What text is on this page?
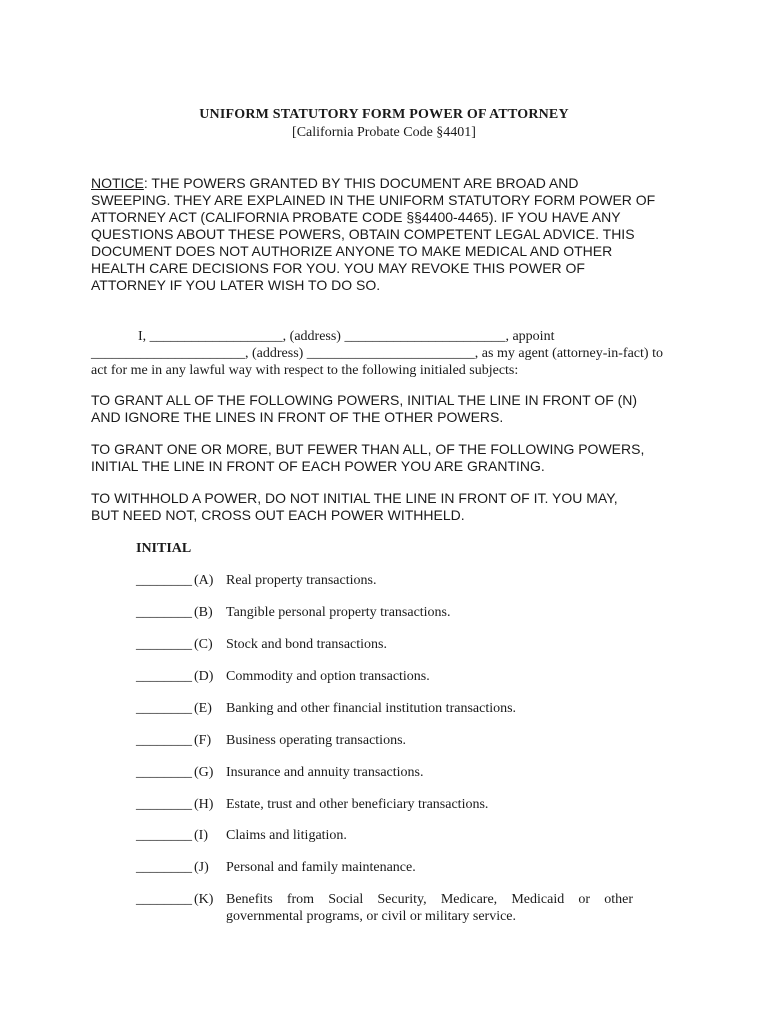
UNIFORM STATUTORY FORM POWER OF ATTORNEY
[California Probate Code §4401]
NOTICE: THE POWERS GRANTED BY THIS DOCUMENT ARE BROAD AND
SWEEPING. THEY ARE EXPLAINED IN THE UNIFORM STATUTORY FORM POWER OF
ATTORNEY ACT (CALIFORNIA PROBATE CODE §§4400-4465). IF YOU HAVE ANY
QUESTIONS ABOUT THESE POWERS, OBTAIN COMPETENT LEGAL ADVICE. THIS
DOCUMENT DOES NOT AUTHORIZE ANYONE TO MAKE MEDICAL AND OTHER
HEALTH CARE DECISIONS FOR YOU. YOU MAY REVOKE THIS POWER OF
ATTORNEY IF YOU LATER WISH TO DO SO.
I, ___________________, (address) _______________________, appoint
______________________, (address) ________________________, as my agent (attorney-in-fact) to
act for me in any lawful way with respect to the following initialed subjects:
TO GRANT ALL OF THE FOLLOWING POWERS, INITIAL THE LINE IN FRONT OF (N)
AND IGNORE THE LINES IN FRONT OF THE OTHER POWERS.
TO GRANT ONE OR MORE, BUT FEWER THAN ALL, OF THE FOLLOWING POWERS,
INITIAL THE LINE IN FRONT OF EACH POWER YOU ARE GRANTING.
TO WITHHOLD A POWER, DO NOT INITIAL THE LINE IN FRONT OF IT. YOU MAY,
BUT NEED NOT, CROSS OUT EACH POWER WITHHELD.
INITIAL
________ (A) Real property transactions.
________ (B) Tangible personal property transactions.
________ (C) Stock and bond transactions.
________ (D) Commodity and option transactions.
________ (E) Banking and other financial institution transactions.
________ (F) Business operating transactions.
________ (G) Insurance and annuity transactions.
________ (H) Estate, trust and other beneficiary transactions.
________ (I) Claims and litigation.
________ (J) Personal and family maintenance.
________ (K) Benefits from Social Security, Medicare, Medicaid or other governmental programs, or civil or military service.
